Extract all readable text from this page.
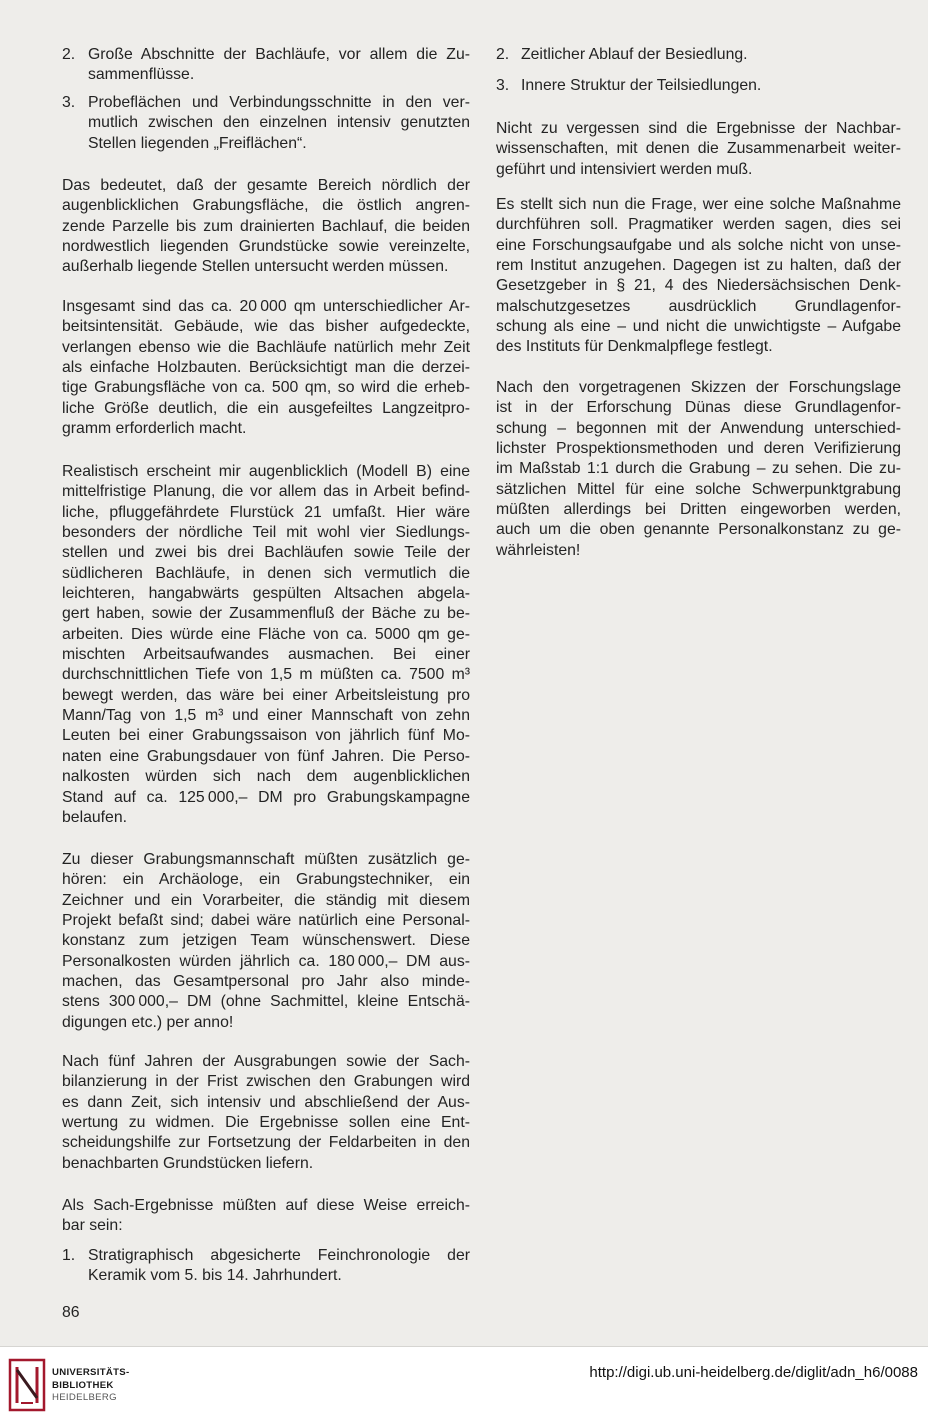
2. Große Abschnitte der Bachläufe, vor allem die Zu-
sammenflüsse.
3. Probeflächen und Verbindungsschnitte in den ver-
mutlich zwischen den einzelnen intensiv genutzten
Stellen liegenden „Freiflächen“.
Das bedeutet, daß der gesamte Bereich nördlich der
augenblicklichen Grabungsfläche, die östlich angren-
zende Parzelle bis zum drainierten Bachlauf, die beiden
nordwestlich liegenden Grundstücke sowie vereinzelte,
außerhalb liegende Stellen untersucht werden müssen.
Insgesamt sind das ca. 20 000 qm unterschiedlicher Ar-
beitsintensität. Gebäude, wie das bisher aufgedeckte,
verlangen ebenso wie die Bachläufe natürlich mehr Zeit
als einfache Holzbauten. Berücksichtigt man die derzei-
tige Grabungsfläche von ca. 500 qm, so wird die erheb-
liche Größe deutlich, die ein ausgefeiltes Langzeitpro-
gramm erforderlich macht.
Realistisch erscheint mir augenblicklich (Modell B) eine
mittelfristige Planung, die vor allem das in Arbeit befind-
liche, pfluggefährdete Flurstück 21 umfaßt. Hier wäre
besonders der nördliche Teil mit wohl vier Siedlungs-
stellen und zwei bis drei Bachläufen sowie Teile der
südlicheren Bachläufe, in denen sich vermutlich die
leichteren, hangabwärts gespülten Altsachen abgela-
gert haben, sowie der Zusammenfluß der Bäche zu be-
arbeiten. Dies würde eine Fläche von ca. 5000 qm ge-
mischten Arbeitsaufwandes ausmachen. Bei einer
durchschnittlichen Tiefe von 1,5 m müßten ca. 7500 m³
bewegt werden, das wäre bei einer Arbeitsleistung pro
Mann/Tag von 1,5 m³ und einer Mannschaft von zehn
Leuten bei einer Grabungssaison von jährlich fünf Mo-
naten eine Grabungsdauer von fünf Jahren. Die Perso-
nalkosten würden sich nach dem augenblicklichen
Stand auf ca. 125 000,– DM pro Grabungskampagne
belaufen.
Zu dieser Grabungsmannschaft müßten zusätzlich ge-
hören: ein Archäologe, ein Grabungstechniker, ein
Zeichner und ein Vorarbeiter, die ständig mit diesem
Projekt befaßt sind; dabei wäre natürlich eine Personal-
konstanz zum jetzigen Team wünschenswert. Diese
Personalkosten würden jährlich ca. 180 000,– DM aus-
machen, das Gesamtpersonal pro Jahr also minde-
stens 300 000,– DM (ohne Sachmittel, kleine Entschä-
digungen etc.) per anno!
Nach fünf Jahren der Ausgrabungen sowie der Sach-
bilanzierung in der Frist zwischen den Grabungen wird
es dann Zeit, sich intensiv und abschließend der Aus-
wertung zu widmen. Die Ergebnisse sollen eine Ent-
scheidungshilfe zur Fortsetzung der Feldarbeiten in den
benachbarten Grundstücken liefern.
Als Sach-Ergebnisse müßten auf diese Weise erreich-
bar sein:
1. Stratigraphisch abgesicherte Feinchronologie der
Keramik vom 5. bis 14. Jahrhundert.
86
2. Zeitlicher Ablauf der Besiedlung.
3. Innere Struktur der Teilsiedlungen.
Nicht zu vergessen sind die Ergebnisse der Nachbar-
wissenschaften, mit denen die Zusammenarbeit weiter-
geführt und intensiviert werden muß.
Es stellt sich nun die Frage, wer eine solche Maßnahme
durchführen soll. Pragmatiker werden sagen, dies sei
eine Forschungsaufgabe und als solche nicht von unse-
rem Institut anzugehen. Dagegen ist zu halten, daß der
Gesetzgeber in § 21, 4 des Niedersächsischen Denk-
malschutzgesetzes ausdrücklich Grundlagenfor-
schung als eine – und nicht die unwichtigste – Aufgabe
des Instituts für Denkmalpflege festlegt.
Nach den vorgetragenen Skizzen der Forschungslage
ist in der Erforschung Dünas diese Grundlagenfor-
schung – begonnen mit der Anwendung unterschied-
lichster Prospektionsmethoden und deren Verifizierung
im Maßstab 1:1 durch die Grabung – zu sehen. Die zu-
sätzlichen Mittel für eine solche Schwerpunktgrabung
müßten allerdings bei Dritten eingeworben werden,
auch um die oben genannte Personalkonstanz zu ge-
währleisten!
UNIVERSITÄTS-
BIBLIOTHEK
HEIDELBERG
http://digi.ub.uni-heidelberg.de/diglit/adn_h6/0088
